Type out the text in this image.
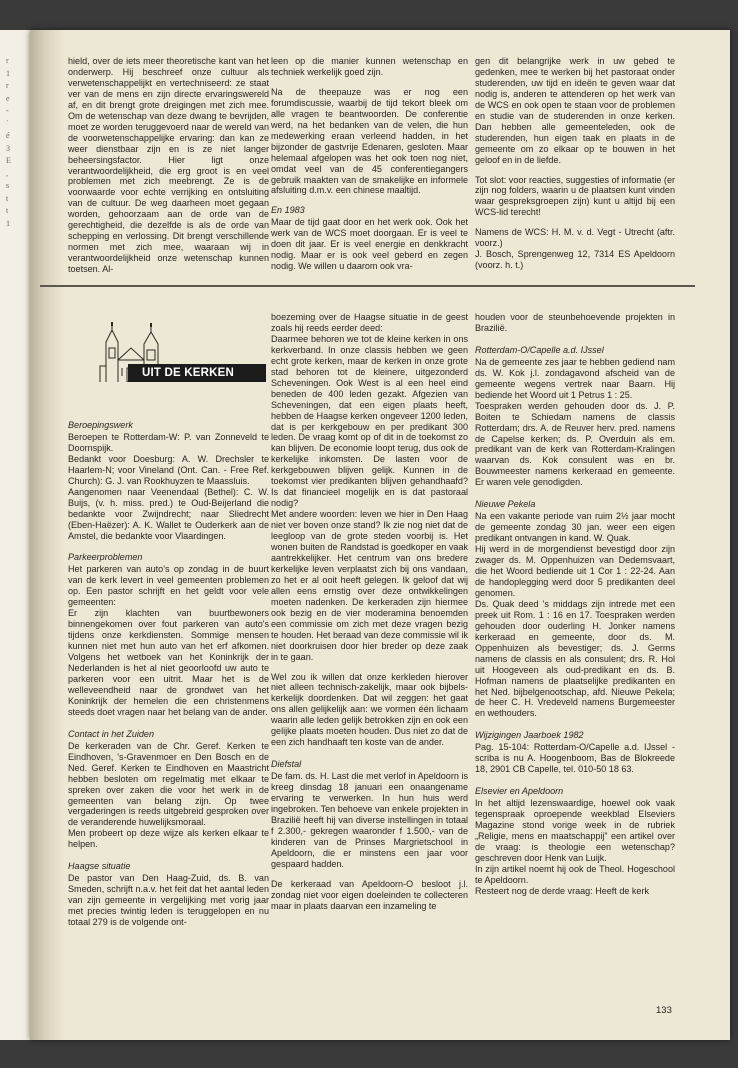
r
1
r
e
-
´
é
3
E
,
s
t
t
1

hield, over de iets meer theoretische kant van het onderwerp. Hij beschreef onze cultuur als verwetenschappelijkt en vertechniseerd: ze staat ver van de mens en zijn directe ervaringswereld af, en dit brengt grote dreigingen met zich mee. Om de wetenschap van deze dwang te bevrijden, moet ze worden teruggevoerd naar de wereld van de voorwetenschappelijke ervaring: dan kan ze weer dienstbaar zijn en is ze niet langer beheersingsfactor. Hier ligt onze verantwoordelijkheid, die erg groot is en veel problemen met zich meebrengt. Ze is de voorwaarde voor echte verrijking en ontsluiting van de cultuur. De weg daarheen moet gegaan worden, gehoorzaam aan de orde van de gerechtigheid, die dezelfde is als de orde van schepping en verlossing. Dit brengt verschillende normen met zich mee, waaraan wij in verantwoordelijkheid onze wetenschap kunnen toetsen. Al-

leen op die manier kunnen wetenschap en techniek werkelijk goed zijn.

Na de theepauze was er nog een forumdiscussie, waarbij de tijd tekort bleek om alle vragen te beantwoorden. De conferentie werd, na het bedanken van de velen, die hun medewerking eraan verleend hadden, in het bijzonder de gastvrije Edenaren, gesloten. Maar helemaal afgelopen was het ook toen nog niet, omdat veel van de 45 conferentiegangers gebruik maakten van de smakelijke en informele afsluiting d.m.v. een chinese maaltijd.

En 1983

Maar de tijd gaat door en het werk ook. Ook het werk van de WCS moet doorgaan. Er is veel te doen dit jaar. Er is veel energie en denkkracht nodig. Maar er is ook veel geberd en zegen nodig. We willen u daarom ook vra-

gen dit belangrijke werk in uw gebed te gedenken, mee te werken bij het pastoraat onder studerenden, uw tijd en ideën te geven waar dat nodig is, anderen te attenderen op het werk van de WCS en ook open te staan voor de problemen en studie van de studerenden in onze kerken. Dan hebben alle gemeenteleden, ook de studerenden, hun eigen taak en plaats in de gemeente om zo elkaar op te bouwen in het geloof en in de liefde.

Tot slot: voor reacties, suggesties of informatie (er zijn nog folders, waarin u de plaatsen kunt vinden waar gespreksgroepen zijn) kunt u altijd bij een WCS-lid terecht!

Namens de WCS: H. M. v. d. Vegt - Utrecht (aftr. voorz.)

J. Bosch, Sprengenweg 12, 7314 ES Apeldoorn (voorz. h. t.)

UIT DE KERKEN

Beroepingswerk

Beroepen te Rotterdam-W: P. van Zonneveld te Doornspijk.

Bedankt voor Doesburg: A. W. Drechsler te Haarlem-N; voor Vineland (Ont. Can. - Free Ref. Church): G. J. van Rookhuyzen te Maassluis.

Aangenomen naar Veenendaal (Bethel): C. W. Buijs, (v. h. miss. pred.) te Oud-Beijerland die bedankte voor Zwijndrecht; naar Sliedrecht (Eben-Haëzer): A. K. Wallet te Ouderkerk aan de Amstel, die bedankte voor Vlaardingen.

Parkeerproblemen

Het parkeren van auto's op zondag in de buurt van de kerk levert in veel gemeenten problemen op. Een pastor schrijft en het geldt voor vele gemeenten:

Er zijn klachten van buurtbewoners binnengekomen over fout parkeren van auto's tijdens onze kerkdiensten. Sommige mensen kunnen niet met hun auto van het erf afkomen. Volgens het wetboek van het Koninkrijk der Nederlanden is het al niet geoorloofd uw auto te parkeren voor een uitrit. Maar het is de welleveendheid naar de grondwet van het Koninkrijk der hemelen die een christenmens steeds doet vragen naar het belang van de ander.

Contact in het Zuiden

De kerkeraden van de Chr. Geref. Kerken te Eindhoven, 's-Gravenmoer en Den Bosch en de Ned. Geref. Kerken te Eindhoven en Maastricht hebben besloten om regelmatig met elkaar te spreken over zaken die voor het werk in de gemeenten van belang zijn. Op twee vergaderingen is reeds uitgebreid gesproken over de veranderende huwelijksmoraal.

Men probeert op deze wijze als kerken elkaar te helpen.

Haagse situatie

De pastor van Den Haag-Zuid, ds. B. van Smeden, schrijft n.a.v. het feit dat het aantal leden van zijn gemeente in vergelijking met vorig jaar met precies twintig leden is teruggelopen en nu totaal 279 is de volgende ont-

boezeming over de Haagse situatie in de geest zoals hij reeds eerder deed:

Daarmee behoren we tot de kleine kerken in ons kerkverband. In onze classis hebben we geen echt grote kerken, maar de kerken in onze grote stad behoren tot de kleinere, uitgezonderd Scheveningen. Ook West is al een heel eind beneden de 400 leden gezakt. Afgezien van Scheveningen, dat een eigen plaats heeft, hebben de Haagse kerken ongeveer 1200 leden, dat is per kerkgebouw en per predikant 300 leden. De vraag komt op of dit in de toekomst zo kan blijven. De economie loopt terug, dus ook de kerkelijke inkomsten. De lasten voor de kerkgebouwen blijven gelijk. Kunnen in de toekomst vier predikanten blijven gehandhaafd? Is dat financieel mogelijk en is dat pastoraal nodig?

Met andere woorden: leven we hier in Den Haag niet ver boven onze stand? Ik zie nog niet dat de leegloop van de grote steden voorbij is. Het wonen buiten de Randstad is goedkoper en vaak aantrekkelijker. Het centrum van ons bredere kerkelijke leven verplaatst zich bij ons vandaan, zo het er al ooit heeft gelegen. Ik geloof dat wij allen eens ernstig over deze ontwikkelingen moeten nadenken. De kerkeraden zijn hiermee ook bezig en de vier moderamina benoemden een commissie om zich met deze vragen bezig te houden. Het beraad van deze commissie wil ik niet doorkruisen door hier breder op deze zaak in te gaan.

Wel zou ik willen dat onze kerkleden hierover niet alleen technisch-zakelijk, maar ook bijbels-kerkelijk doordenken. Dat wil zeggen: het gaat ons allen gelijkelijk aan: we vormen één lichaam waarin alle leden gelijk betrokken zijn en ook een gelijke plaats moeten houden. Dus niet zo dat de een zich handhaaft ten koste van de ander.

Diefstal

De fam. ds. H. Last die met verlof in Apeldoorn is kreeg dinsdag 18 januari een onaangename ervaring te verwerken. In hun huis werd ingebroken. Ten behoeve van enkele projekten in Brazilië heeft hij van diverse instellingen in totaal f 2.300,- gekregen waaronder f 1.500,- van de kinderen van de Prinses Margrietschool in Apeldoorn, die er minstens een jaar voor gespaard hadden.

De kerkeraad van Apeldoorn-O besloot j.l. zondag niet voor eigen doeleinden te collecteren maar in plaats daarvan een inzameling te

houden voor de steunbehoevende projekten in Brazilië.

Rotterdam-O/Capelle a.d. IJssel

Na de gemeente zes jaar te hebben gediend nam ds. W. Kok j.l. zondagavond afscheid van de gemeente wegens vertrek naar Baarn. Hij bediende het Woord uit 1 Petrus 1 : 25.

Toespraken werden gehouden door ds. J. P. Boiten te Schiedam namens de classis Rotterdam; drs. A. de Reuver herv. pred. namens de Capelse kerken; ds. P. Overduin als em. predikant van de kerk van Rotterdam-Kralingen waarvan ds. Kok consulent was en br. Bouwmeester namens kerkeraad en gemeente. Er waren vele genodigden.

Nieuwe Pekela

Na een vakante periode van ruim 2½ jaar mocht de gemeente zondag 30 jan. weer een eigen predikant ontvangen in kand. W. Quak.

Hij werd in de morgendienst bevestigd door zijn zwager ds. M. Oppenhuizen van Dedemsvaart, die het Woord bediende uit 1 Cor 1 : 22-24. Aan de handoplegging werd door 5 predikanten deel genomen.

Ds. Quak deed 's middags zijn intrede met een preek uit Rom. 1 : 16 en 17. Toespraken werden gehouden door ouderling H. Jonker namens kerkeraad en gemeente, door ds. M. Oppenhuizen als bevestiger; ds. J. Germs namens de classis en als consulent; drs. R. Hol uit Hoogeveen als oud-predikant en ds. B. Hofman namens de plaatselijke predikanten en het Ned. bijbelgenootschap, afd. Nieuwe Pekela; de heer C. H. Vredeveld namens Burgemeester en wethouders.

Wijzigingen Jaarboek 1982

Pag. 15-104: Rotterdam-O/Capelle a.d. IJssel - scriba is nu A. Hoogenboom, Bas de Blokreede 18, 2901 CB Capelle, tel. 010-50 18 63.

Elsevier en Apeldoorn

In het altijd lezenswaardige, hoewel ook vaak tegenspraak oproepende weekblad Elseviers Magazine stond vorige week in de rubriek „Religie, mens en maatschappij” een artikel over de vraag: is theologie een wetenschap? geschreven door Henk van Luijk.

In zijn artikel noemt hij ook de Theol. Hogeschool te Apeldoorn.

Resteert nog de derde vraag: Heeft de kerk

133
